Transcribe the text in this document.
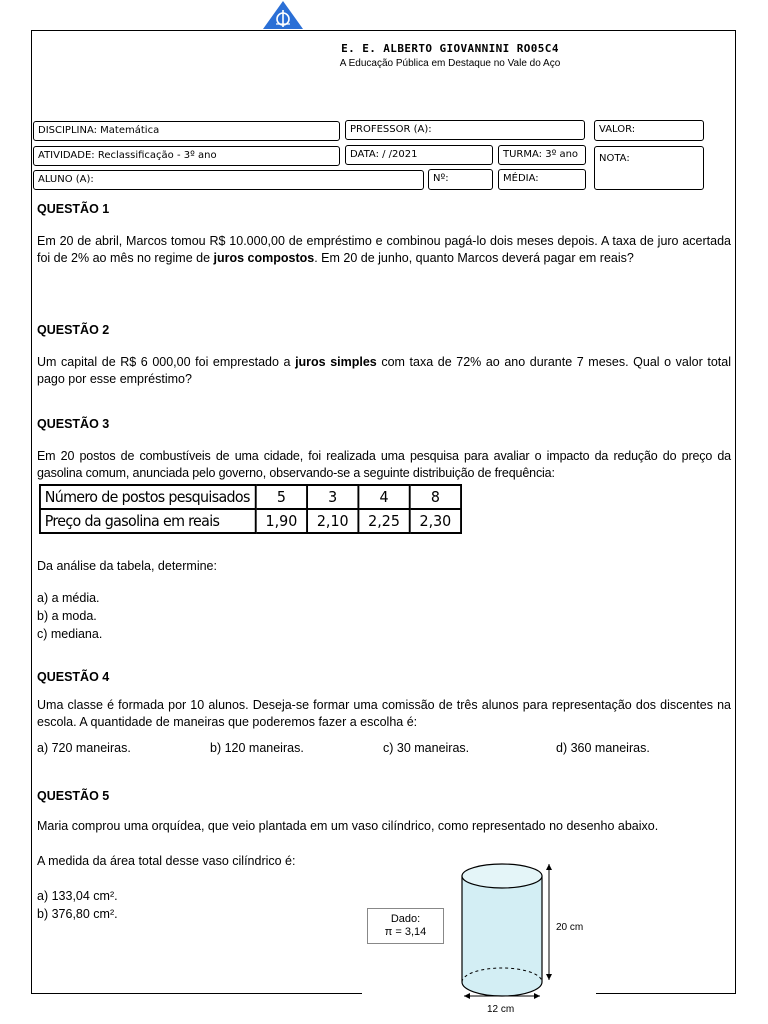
E. E. ALBERTO GIOVANNINI RO05C4
A Educação Pública em Destaque no Vale do Aço
DISCIPLINA: Matemática	PROFESSOR (A):	VALOR:
ATIVIDADE: Reclassificação - 3º ano	DATA: / /2021	TURMA: 3º ano	NOTA:
ALUNO (A):	Nº:	MÉDIA:
QUESTÃO 1
Em 20 de abril, Marcos tomou R$ 10.000,00 de empréstimo e combinou pagá-lo dois meses depois. A taxa de juro acertada foi de 2% ao mês no regime de juros compostos. Em 20 de junho, quanto Marcos deverá pagar em reais?
QUESTÃO 2
Um capital de R$ 6 000,00 foi emprestado a juros simples com taxa de 72% ao ano durante 7 meses. Qual o valor total pago por esse empréstimo?
QUESTÃO 3
Em 20 postos de combustíveis de uma cidade, foi realizada uma pesquisa para avaliar o impacto da redução do preço da gasolina comum, anunciada pelo governo, observando-se a seguinte distribuição de frequência:
Número de postos pesquisados	5	3	4	8
Preço da gasolina em reais	1,90	2,10	2,25	2,30
Da análise da tabela, determine:
a) a média.
b) a moda.
c) mediana.
QUESTÃO 4
Uma classe é formada por 10 alunos. Deseja-se formar uma comissão de três alunos para representação dos discentes na escola. A quantidade de maneiras que poderemos fazer a escolha é:
a) 720 maneiras.	b) 120 maneiras.	c) 30 maneiras.	d) 360 maneiras.
QUESTÃO 5
Maria comprou uma orquídea, que veio plantada em um vaso cilíndrico, como representado no desenho abaixo.
A medida da área total desse vaso cilíndrico é:
a) 133,04 cm².
b) 376,80 cm².	Dado:
π = 3,14	20 cm
12 cm
